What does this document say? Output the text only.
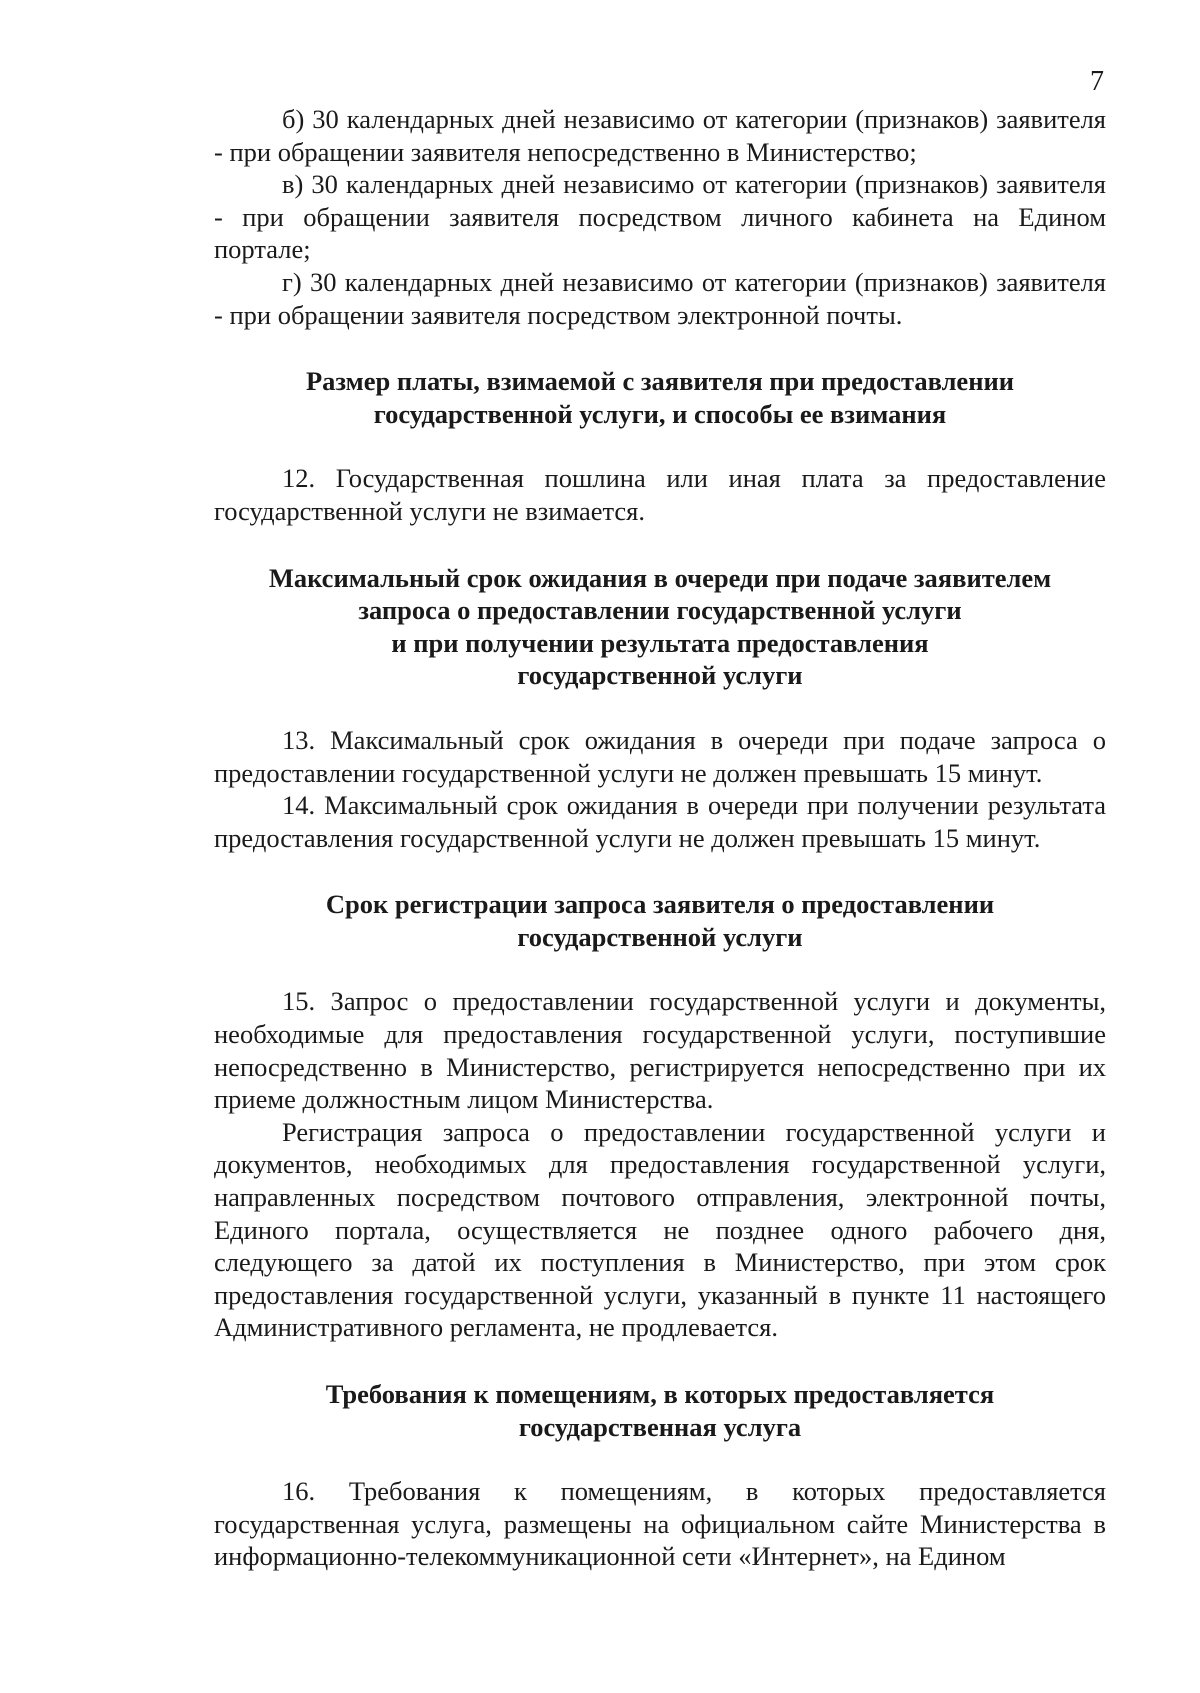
7

б) 30 календарных дней независимо от категории (признаков) заявителя - при обращении заявителя непосредственно в Министерство;

в) 30 календарных дней независимо от категории (признаков) заявителя - при обращении заявителя посредством личного кабинета на Едином портале;

г) 30 календарных дней независимо от категории (признаков) заявителя - при обращении заявителя посредством электронной почты.

Размер платы, взимаемой с заявителя при предоставлении
государственной услуги, и способы ее взимания

12. Государственная пошлина или иная плата за предоставление государственной услуги не взимается.

Максимальный срок ожидания в очереди при подаче заявителем
запроса о предоставлении государственной услуги
и при получении результата предоставления
государственной услуги

13. Максимальный срок ожидания в очереди при подаче запроса о предоставлении государственной услуги не должен превышать 15 минут.

14. Максимальный срок ожидания в очереди при получении результата предоставления государственной услуги не должен превышать 15 минут.

Срок регистрации запроса заявителя о предоставлении
государственной услуги

15. Запрос о предоставлении государственной услуги и документы, необходимые для предоставления государственной услуги, поступившие непосредственно в Министерство, регистрируется непосредственно при их приеме должностным лицом Министерства.

Регистрация запроса о предоставлении государственной услуги и документов, необходимых для предоставления государственной услуги, направленных посредством почтового отправления, электронной почты, Единого портала, осуществляется не позднее одного рабочего дня, следующего за датой их поступления в Министерство, при этом срок предоставления государственной услуги, указанный в пункте 11 настоящего Административного регламента, не продлевается.

Требования к помещениям, в которых предоставляется
государственная услуга

16. Требования к помещениям, в которых предоставляется государственная услуга, размещены на официальном сайте Министерства в информационно-телекоммуникационной сети «Интернет», на Едином
